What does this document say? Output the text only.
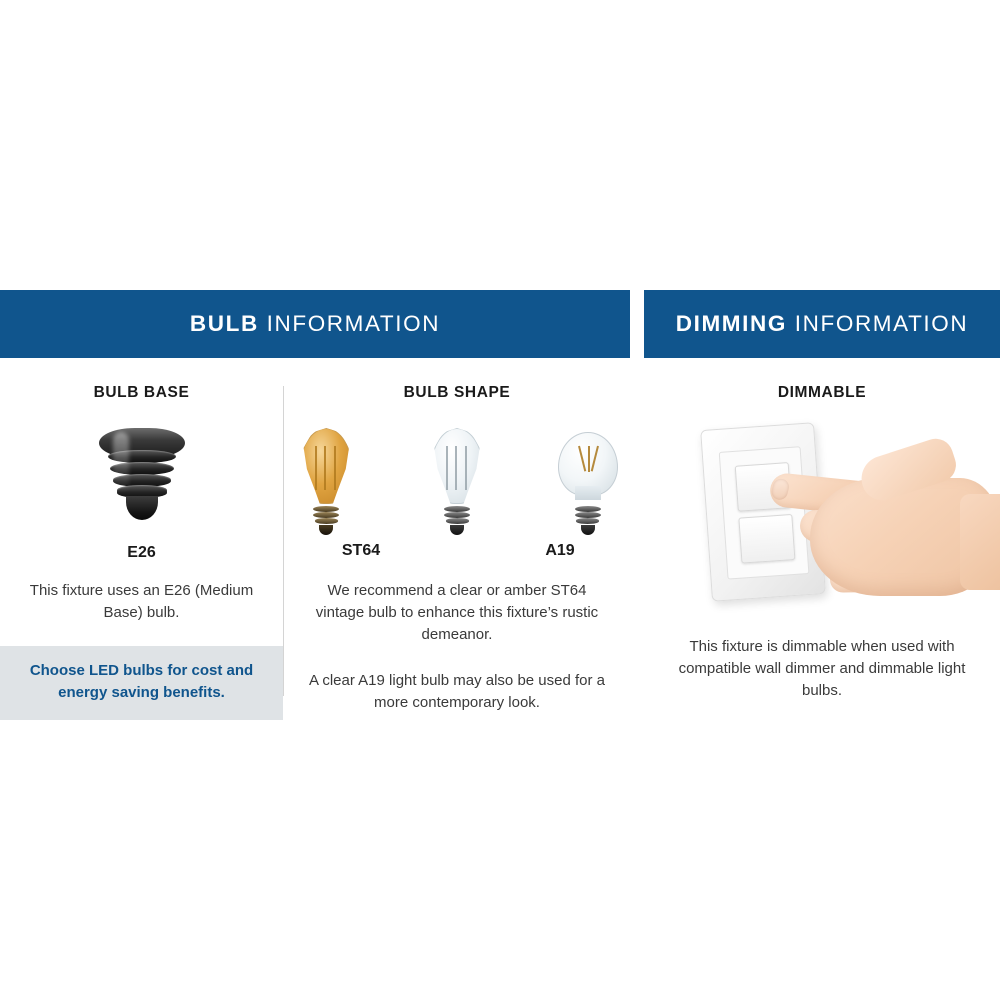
BULB INFORMATION
BULB BASE
E26
This fixture uses an E26 (Medium Base) bulb.
Choose LED bulbs for cost and energy saving benefits.
BULB SHAPE
ST64	A19
We recommend a clear or amber ST64 vintage bulb to enhance this fixture’s rustic demeanor.
A clear A19 light bulb may also be used for a more contemporary look.
DIMMING INFORMATION
DIMMABLE
This fixture is dimmable when used with compatible wall dimmer and dimmable light bulbs.
